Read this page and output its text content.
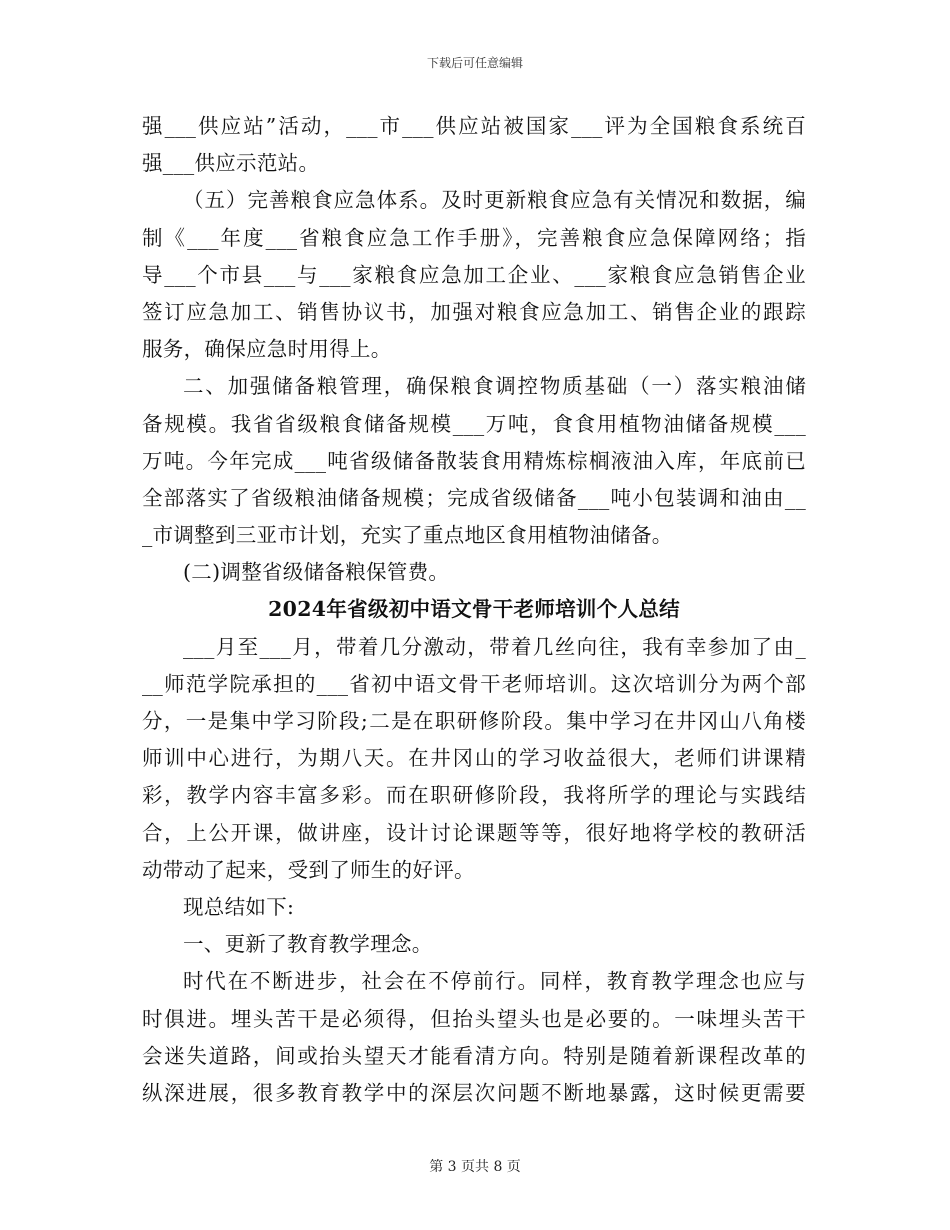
下载后可任意编辑
强___供应站”活动，___市___供应站被国家___评为全国粮食系统百
强___供应示范站。
（五）完善粮食应急体系。及时更新粮食应急有关情况和数据，编
制《___年度___省粮食应急工作手册》，完善粮食应急保障网络；指
导___个市县___与___家粮食应急加工企业、___家粮食应急销售企业
签订应急加工、销售协议书，加强对粮食应急加工、销售企业的跟踪
服务，确保应急时用得上。
二、加强储备粮管理，确保粮食调控物质基础（一）落实粮油储
备规模。我省省级粮食储备规模___万吨，食食用植物油储备规模___
万吨。今年完成___吨省级储备散装食用精炼棕榈液油入库，年底前已
全部落实了省级粮油储备规模；完成省级储备___吨小包装调和油由__
_市调整到三亚市计划，充实了重点地区食用植物油储备。
(二)调整省级储备粮保管费。
2024年省级初中语文骨干老师培训个人总结
___月至___月，带着几分激动，带着几丝向往，我有幸参加了由_
__师范学院承担的___省初中语文骨干老师培训。这次培训分为两个部
分，一是集中学习阶段;二是在职研修阶段。集中学习在井冈山八角楼
师训中心进行，为期八天。在井冈山的学习收益很大，老师们讲课精
彩，教学内容丰富多彩。而在职研修阶段，我将所学的理论与实践结
合，上公开课，做讲座，设计讨论课题等等，很好地将学校的教研活
动带动了起来，受到了师生的好评。
现总结如下:
一、更新了教育教学理念。
时代在不断进步，社会在不停前行。同样，教育教学理念也应与
时俱进。埋头苦干是必须得，但抬头望头也是必要的。一味埋头苦干
会迷失道路，间或抬头望天才能看清方向。特别是随着新课程改革的
纵深进展，很多教育教学中的深层次问题不断地暴露，这时候更需要
第 3 页共 8 页
